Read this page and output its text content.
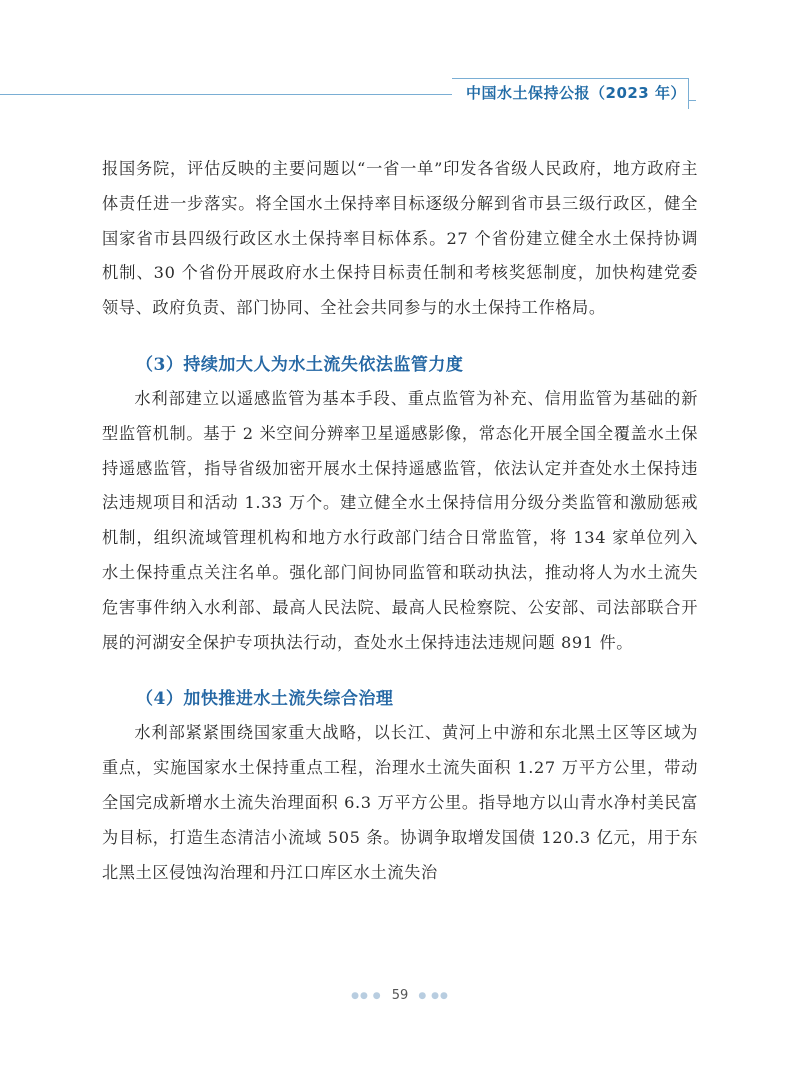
中国水土保持公报（2023 年）

报国务院，评估反映的主要问题以“一省一单”印发各省级人民政府，地方政府主体责任进一步落实。将全国水土保持率目标逐级分解到省市县三级行政区，健全国家省市县四级行政区水土保持率目标体系。27 个省份建立健全水土保持协调机制、30 个省份开展政府水土保持目标责任制和考核奖惩制度，加快构建党委领导、政府负责、部门协同、全社会共同参与的水土保持工作格局。

（3）持续加大人为水土流失依法监管力度

水利部建立以遥感监管为基本手段、重点监管为补充、信用监管为基础的新型监管机制。基于 2 米空间分辨率卫星遥感影像，常态化开展全国全覆盖水土保持遥感监管，指导省级加密开展水土保持遥感监管，依法认定并查处水土保持违法违规项目和活动 1.33 万个。建立健全水土保持信用分级分类监管和激励惩戒机制，组织流域管理机构和地方水行政部门结合日常监管，将 134 家单位列入水土保持重点关注名单。强化部门间协同监管和联动执法，推动将人为水土流失危害事件纳入水利部、最高人民法院、最高人民检察院、公安部、司法部联合开展的河湖安全保护专项执法行动，查处水土保持违法违规问题 891 件。

（4）加快推进水土流失综合治理

水利部紧紧围绕国家重大战略，以长江、黄河上中游和东北黑土区等区域为重点，实施国家水土保持重点工程，治理水土流失面积 1.27 万平方公里，带动全国完成新增水土流失治理面积 6.3 万平方公里。指导地方以山青水净村美民富为目标，打造生态清洁小流域 505 条。协调争取增发国债 120.3 亿元，用于东北黑土区侵蚀沟治理和丹江口库区水土流失治

●● ● 59 ● ●●
